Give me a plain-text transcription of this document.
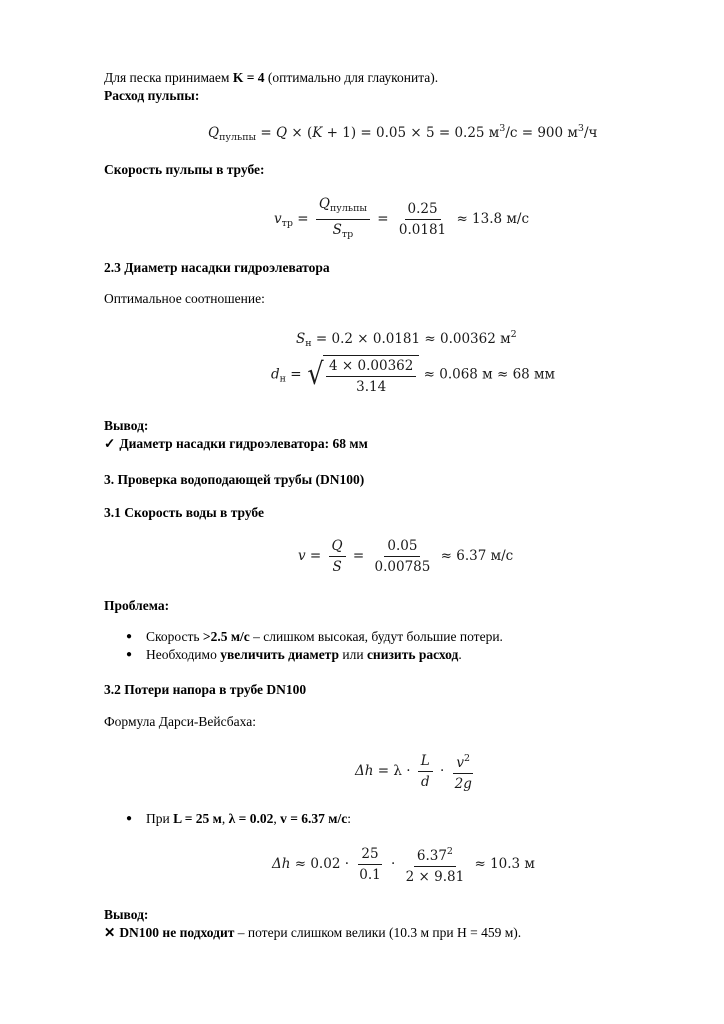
Для песка принимаем K = 4 (оптимально для глауконита).
Расход пульпы:
$Q_{пульпы} = Q \times (K + 1) = 0.05 \times 5 = 0.25$ $м^3/с = 900$ $м^3/ч$
Скорость пульпы в трубе:
$v_{тр} = \frac{Q_{пульпы}}{S_{тр}} = \frac{0.25}{0.0181} \approx 13.8$ м/с
2.3 Диаметр насадки гидроэлеватора
Оптимальное соотношение:
$S_н = 0.2 \times 0.0181 \approx 0.00362$ $м^2$
$d_н$ = √ $\frac{4 \times 0.00362}{3.14} \approx 0.068$ м ≈ 68 мм
Вывод:
✓ Диаметр насадки гидроэлеватора: 68 мм
3. Проверка водоподающей трубы (DN100)
3.1 Скорость воды в трубе
$v = \frac{Q}{S} = \frac{0.05}{0.00785} \approx 6.37$ м/с
Проблема:
● Скорость >2.5 м/с – слишком высокая, будут большие потери.
● Необходимо увеличить диаметр или снизить расход.
3.2 Потери напора в трубе DN100
Формула Дарси-Вейсбаха:
$\Delta h = \lambda \cdot \frac{L}{d} \cdot \frac{v^2}{2g}$
● При L = 25 м, λ = 0.02, v = 6.37 м/с:
$\Delta h \approx 0.02 \cdot \frac{25}{0.1} \cdot \frac{6.37^2}{2 \times 9.81} \approx 10.3$ м
Вывод:
✕ DN100 не подходит – потери слишком велики (10.3 м при H = 459 м).
